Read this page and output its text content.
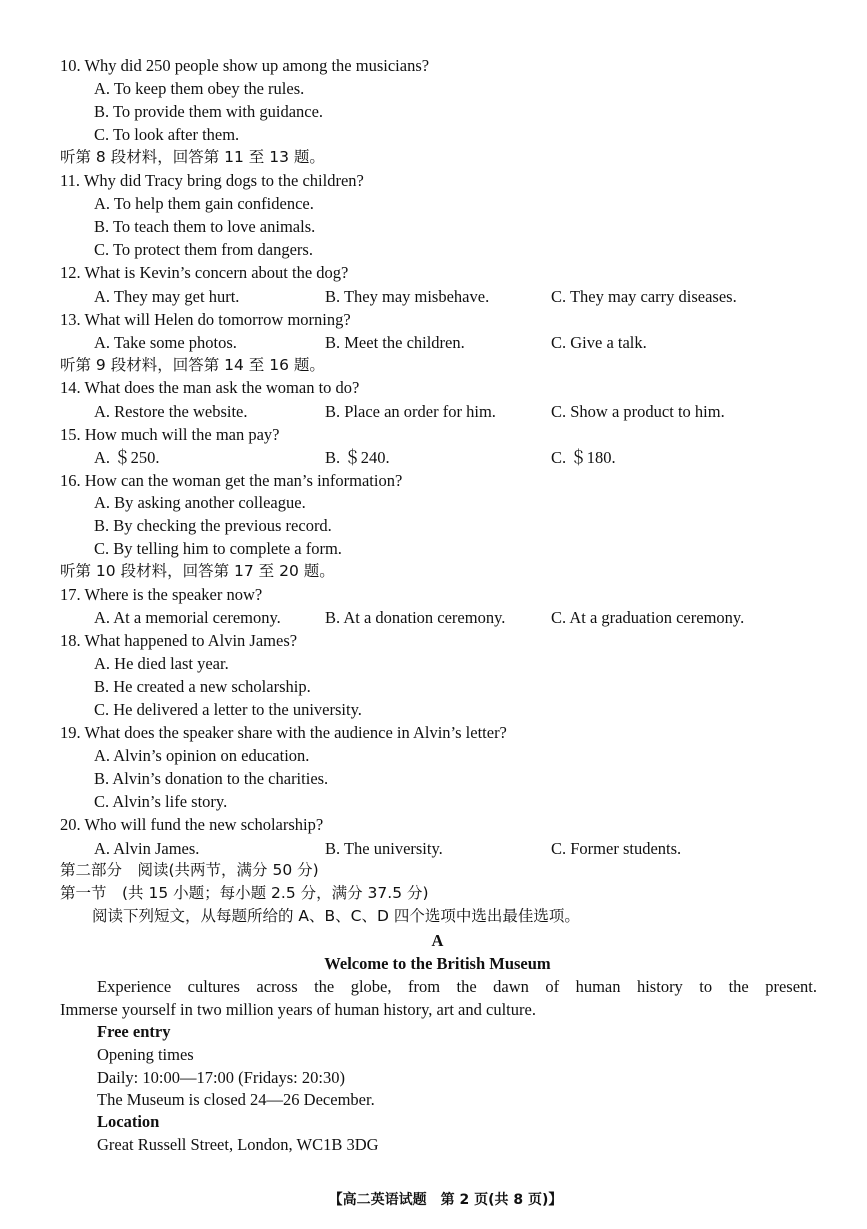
10. Why did 250 people show up among the musicians?
A. To keep them obey the rules.
B. To provide them with guidance.
C. To look after them.
听第 8 段材料，回答第 11 至 13 题。
11. Why did Tracy bring dogs to the children?
A. To help them gain confidence.
B. To teach them to love animals.
C. To protect them from dangers.
12. What is Kevin’s concern about the dog?
A. They may get hurt.	B. They may misbehave.	C. They may carry diseases.
13. What will Helen do tomorrow morning?
A. Take some photos.	B. Meet the children.	C. Give a talk.
听第 9 段材料，回答第 14 至 16 题。
14. What does the man ask the woman to do?
A. Restore the website.	B. Place an order for him.	C. Show a product to him.
15. How much will the man pay?
A. ＄250.	B. ＄240.	C. ＄180.
16. How can the woman get the man’s information?
A. By asking another colleague.
B. By checking the previous record.
C. By telling him to complete a form.
听第 10 段材料，回答第 17 至 20 题。
17. Where is the speaker now?
A. At a memorial ceremony.	B. At a donation ceremony.	C. At a graduation ceremony.
18. What happened to Alvin James?
A. He died last year.
B. He created a new scholarship.
C. He delivered a letter to the university.
19. What does the speaker share with the audience in Alvin’s letter?
A. Alvin’s opinion on education.
B. Alvin’s donation to the charities.
C. Alvin’s life story.
20. Who will fund the new scholarship?
A. Alvin James.	B. The university.	C. Former students.
第二部分　阅读(共两节，满分 50 分)
第一节　(共 15 小题；每小题 2.5 分，满分 37.5 分)
阅读下列短文，从每题所给的 A、B、C、D 四个选项中选出最佳选项。
A
Welcome to the British Museum
Experience cultures across the globe, from the dawn of human history to the present.
Immerse yourself in two million years of human history, art and culture.
Free entry
Opening times
Daily: 10:00—17:00 (Fridays: 20:30)
The Museum is closed 24—26 December.
Location
Great Russell Street, London, WC1B 3DG
【高二英语试题　第 2 页(共 8 页)】
